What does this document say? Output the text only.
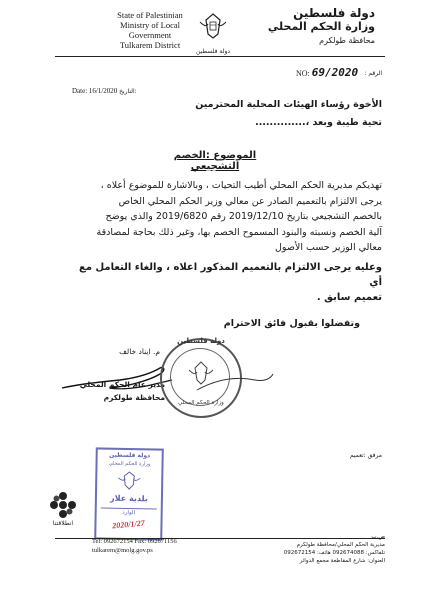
State of Palestinian
Ministry of Local Government
Tulkarem District
دولة فلسطين
دولة فلسطين
وزارة الحكم المحلي
محافظة طولكرم
NO: 69/2020	الرقم :
Date: 16/1/2020 التاريخ:
الأخوة رؤساء الهيئات المحلية المحترمين
تحية طيبة وبعد ،..............
الموضوع :الخصم التشجيعي
تهديكم مديرية الحكم المحلي أطيب التحيات ، وبالاشارة للموضوع أعلاه ،
يرجى الالتزام بالتعميم الصادر عن معالي وزير الحكم المحلي الخاص
بالخصم التشجيعي بتاريخ 2019/12/10 رقم 2019/6820 والذي يوضح
آلية الخصم ونسبته والبنود المسموح الخصم بها، وغير ذلك بحاجة لمصادقة
معالي الوزير حسب الأصول
وعليه يرجى الالتزام بالتعميم المذكور اعلاه ، والغاء التعامل مع أي
تعميم سابق .
وتفضلوا بقبول فائق الاحترام
م. ايناد خالف
مدير عام الحكم المحلي
محافظة طولكرم
دولة فلسطين
وزارة الحكم المحلي
مرفق :تعميم
دولة فلسطين
وزارة الحكم المحلي
بلدية علار
الوارد
2020/1/27
انطلاقتنا
Tel: 092672154 Fax: 092671156
tulkarem@molg.gov.ps
ص.ب
مديرية الحكم المحلي/محافظة طولكرم
تلفاكس: 092674088 هاتف: 092672154
العنوان: شارع المقاطعة مجمع الدوائر
